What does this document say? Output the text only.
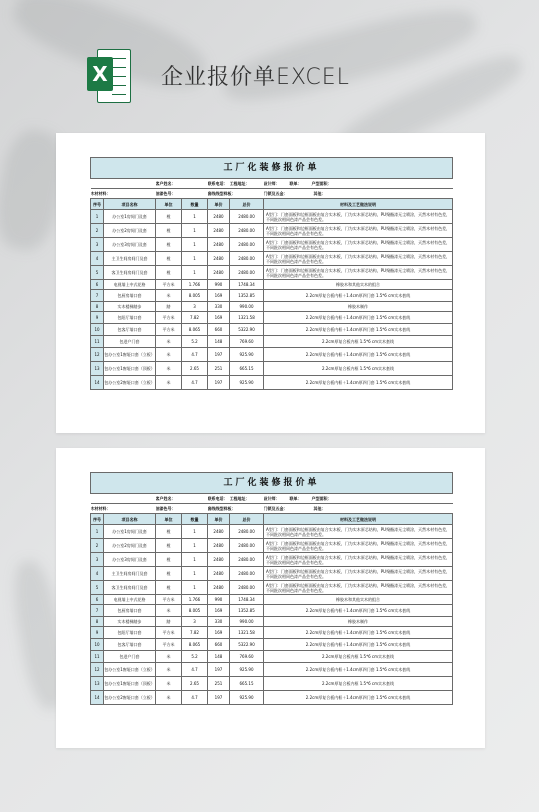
X 企业报价单EXCEL
工厂化装修报价单						
		客户姓名：		联系电话：	工程地址：	设计师： 联单： 户型面积：
木材材料：		油漆色号：		套线线型样板：		门锁及五金： 其他：
序号	项目名称	单位	数量	单价	总价	材料及工艺做法说明
1	办公室1房间门及套	樘	1	2480	2480.00	A型门：门套面板和边框面板由复合实木板，门为实木原芯结构，PU聚酯漆无尘喷涂，天然木材有色差，不同批次相同色漆产品会有色差。
2	办公室2房间门及套	樘	1	2480	2480.00	A型门：门套面板和边框面板由复合实木板，门为实木原芯结构，PU聚酯漆无尘喷涂，天然木材有色差，不同批次相同色漆产品会有色差。
3	办公室3房间门及套	樘	1	2480	2480.00	A型门：门套面板和边框面板由复合实木板，门为实木原芯结构，PU聚酯漆无尘喷涂，天然木材有色差，不同批次相同色漆产品会有色差。
4	主卫生间房间门及套	樘	1	2480	2480.00	A型门：门套面板和边框面板由复合实木板，门为实木原芯结构，PU聚酯漆无尘喷涂，天然木材有色差，不同批次相同色漆产品会有色差。
5	客卫生间房间门及套	樘	1	2480	2480.00	A型门：门套面板和边框面板由复合实木板，门为实木原芯结构，PU聚酯漆无尘喷涂，天然木材有色差，不同批次相同色漆产品会有色差。
6	电视墙上中式花格	平方米	1.766	990	1748.34	橡胶木和其他实木的组合
7	包厨房墙口套	米	8.005	169	1352.85	2.2cm厚复合板内框＋1.4cm厚四门套 1.5*6 cm实木套线
8	实木楼梯踏步	踏	3	330	990.00	橡胶木制作
9	包阳厅墙口套	平方米	7.82	169	1321.58	2.2cm厚复合板内框＋1.4cm厚四门套 1.5*6 cm实木套线
10	包客厅墙口套	平方米	8.065	660	5322.90	2.2cm厚复合板内框＋1.4cm厚四门套 1.5*6 cm实木套线
11	包进户门套	米	5.2	148	769.60	2.2cm厚复合板内框 1.5*6 cm实木套线
12	包办公室1窗垭口套（立板）	米	4.7	197	925.90	2.2cm厚复合板内框＋1.4cm厚四门套 1.5*6 cm实木套线
13	包办公室1窗垭口套（顶板）	米	2.65	251	665.15	2.2cm厚复合板内框 1.5*6 cm实木套线
14	包办公室2窗垭口套（立板）	米	4.7	197	925.90	2.2cm厚复合板内框＋1.4cm厚四门套 1.5*6 cm实木套线
工厂化装修报价单						
		客户姓名：		联系电话：	工程地址：	设计师： 联单： 户型面积：
木材材料：		油漆色号：		套线线型样板：		门锁及五金： 其他：
序号	项目名称	单位	数量	单价	总价	材料及工艺做法说明
1	办公室1房间门及套	樘	1	2480	2480.00	A型门：门套面板和边框面板由复合实木板，门为实木原芯结构，PU聚酯漆无尘喷涂，天然木材有色差，不同批次相同色漆产品会有色差。
2	办公室2房间门及套	樘	1	2480	2480.00	A型门：门套面板和边框面板由复合实木板，门为实木原芯结构，PU聚酯漆无尘喷涂，天然木材有色差，不同批次相同色漆产品会有色差。
3	办公室3房间门及套	樘	1	2480	2480.00	A型门：门套面板和边框面板由复合实木板，门为实木原芯结构，PU聚酯漆无尘喷涂，天然木材有色差，不同批次相同色漆产品会有色差。
4	主卫生间房间门及套	樘	1	2480	2480.00	A型门：门套面板和边框面板由复合实木板，门为实木原芯结构，PU聚酯漆无尘喷涂，天然木材有色差，不同批次相同色漆产品会有色差。
5	客卫生间房间门及套	樘	1	2480	2480.00	A型门：门套面板和边框面板由复合实木板，门为实木原芯结构，PU聚酯漆无尘喷涂，天然木材有色差，不同批次相同色漆产品会有色差。
6	电视墙上中式花格	平方米	1.766	990	1748.34	橡胶木和其他实木的组合
7	包厨房墙口套	米	8.005	169	1352.85	2.2cm厚复合板内框＋1.4cm厚四门套 1.5*6 cm实木套线
8	实木楼梯踏步	踏	3	330	990.00	橡胶木制作
9	包阳厅墙口套	平方米	7.82	169	1321.58	2.2cm厚复合板内框＋1.4cm厚四门套 1.5*6 cm实木套线
10	包客厅墙口套	平方米	8.065	660	5322.90	2.2cm厚复合板内框＋1.4cm厚四门套 1.5*6 cm实木套线
11	包进户门套	米	5.2	148	769.60	2.2cm厚复合板内框 1.5*6 cm实木套线
12	包办公室1窗垭口套（立板）	米	4.7	197	925.90	2.2cm厚复合板内框＋1.4cm厚四门套 1.5*6 cm实木套线
13	包办公室1窗垭口套（顶板）	米	2.65	251	665.15	2.2cm厚复合板内框 1.5*6 cm实木套线
14	包办公室2窗垭口套（立板）	米	4.7	197	925.90	2.2cm厚复合板内框＋1.4cm厚四门套 1.5*6 cm实木套线
